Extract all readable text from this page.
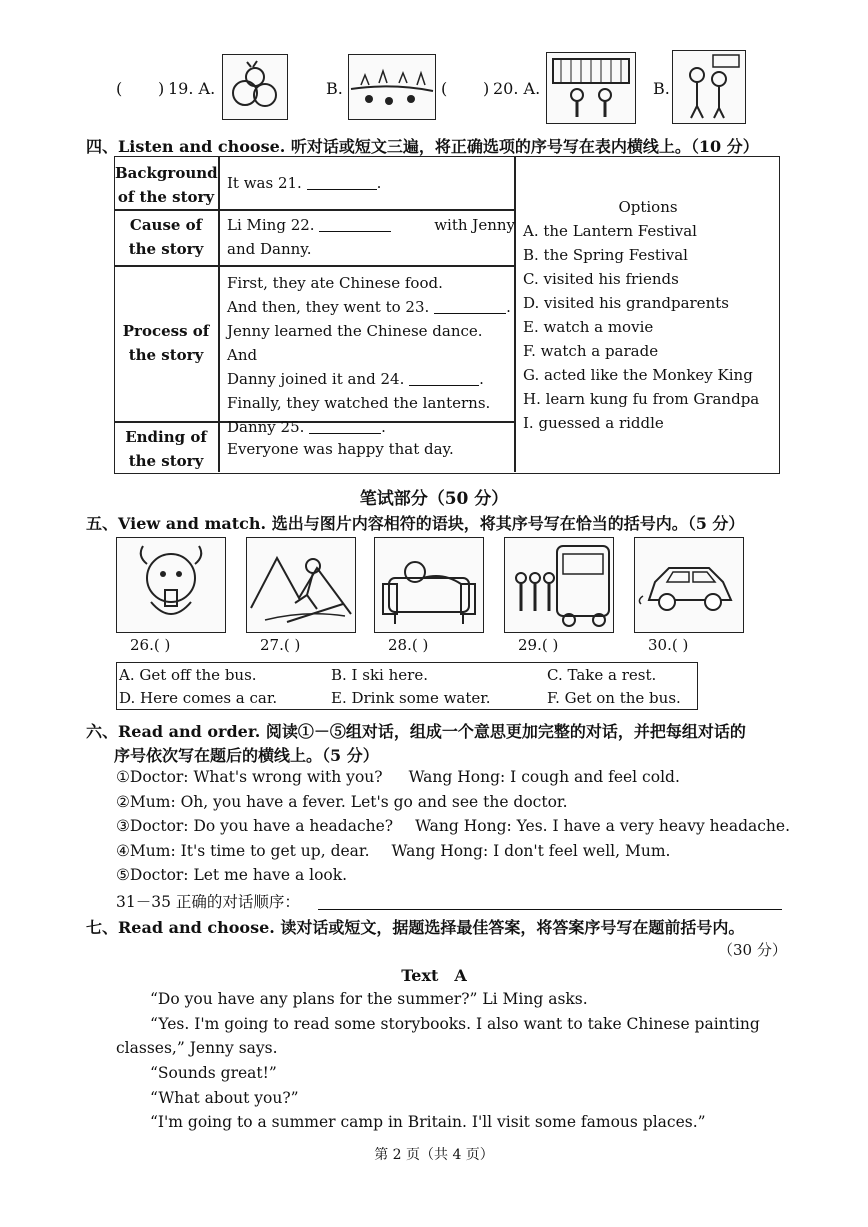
( ) 19. A.	B.	( ) 20. A.	B.
四、Listen and choose. 听对话或短文三遍，将正确选项的序号写在表内横线上。（10 分）
Background
of the story
It was 21.	.
Cause of
the story
Li Ming 22.	with Jenny
and Danny.
Process of
the story
First, they ate Chinese food.
And then, they went to 23.	.
Jenny learned the Chinese dance. And
Danny joined it and 24.	.
Finally, they watched the lanterns.
Danny 25.	.
Ending of
the story
Everyone was happy that day.
Options
A. the Lantern Festival
B. the Spring Festival
C. visited his friends
D. visited his grandparents
E. watch a movie
F. watch a parade
G. acted like the Monkey King
H. learn kung fu from Grandpa
I. guessed a riddle
笔试部分（50 分）
五、View and match. 选出与图片内容相符的语块，将其序号写在恰当的括号内。（5 分）
26.( )	27.( )	28.( )	29.( )	30.( )
A. Get off the bus.	B. I ski here.	C. Take a rest.
D. Here comes a car.	E. Drink some water.	F. Get on the bus.
六、Read and order. 阅读①－⑤组对话，组成一个意思更加完整的对话，并把每组对话的
序号依次写在题后的横线上。（5 分）
①Doctor: What's wrong with you? Wang Hong: I cough and feel cold.
②Mum: Oh, you have a fever. Let's go and see the doctor.
③Doctor: Do you have a headache? Wang Hong: Yes. I have a very heavy headache.
④Mum: It's time to get up, dear. Wang Hong: I don't feel well, Mum.
⑤Doctor: Let me have a look.
31－35 正确的对话顺序：
七、Read and choose. 读对话或短文，据题选择最佳答案，将答案序号写在题前括号内。
（30 分）
Text　A
“Do you have any plans for the summer?” Li Ming asks.
“Yes. I'm going to read some storybooks. I also want to take Chinese painting
classes,” Jenny says.
“Sounds great!”
“What about you?”
“I'm going to a summer camp in Britain. I'll visit some famous places.”
第 2 页（共 4 页）
